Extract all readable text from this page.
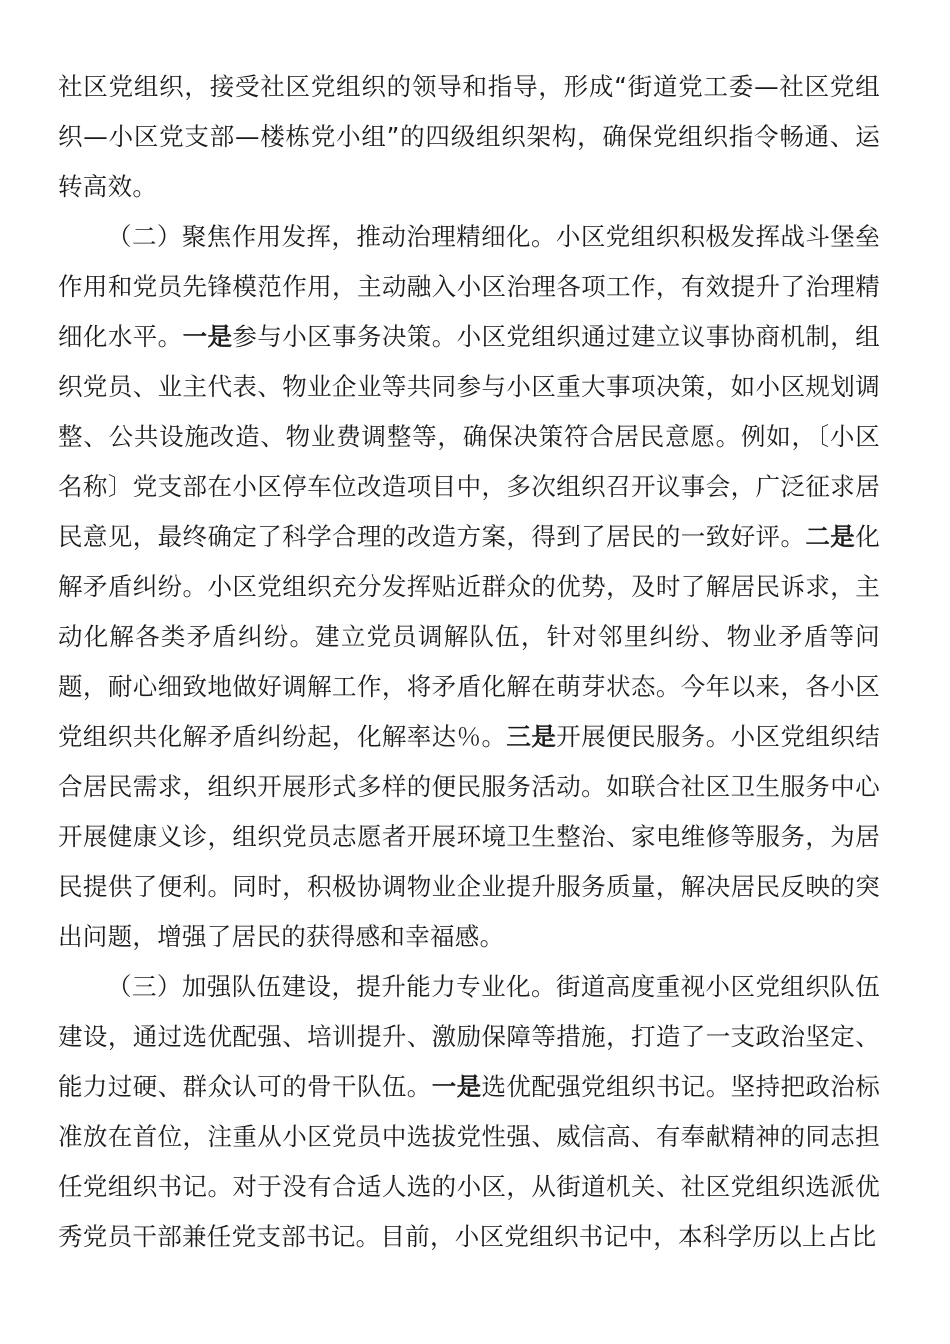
社区党组织，接受社区党组织的领导和指导，形成“街道党工委—社区党组织—小区党支部—楼栋党小组”的四级组织架构，确保党组织指令畅通、运转高效。

（二）聚焦作用发挥，推动治理精细化。小区党组织积极发挥战斗堡垒作用和党员先锋模范作用，主动融入小区治理各项工作，有效提升了治理精细化水平。一是参与小区事务决策。小区党组织通过建立议事协商机制，组织党员、业主代表、物业企业等共同参与小区重大事项决策，如小区规划调整、公共设施改造、物业费调整等，确保决策符合居民意愿。例如，〔小区名称〕党支部在小区停车位改造项目中，多次组织召开议事会，广泛征求居民意见，最终确定了科学合理的改造方案，得到了居民的一致好评。二是化解矛盾纠纷。小区党组织充分发挥贴近群众的优势，及时了解居民诉求，主动化解各类矛盾纠纷。建立党员调解队伍，针对邻里纠纷、物业矛盾等问题，耐心细致地做好调解工作，将矛盾化解在萌芽状态。今年以来，各小区党组织共化解矛盾纠纷起，化解率达％。三是开展便民服务。小区党组织结合居民需求，组织开展形式多样的便民服务活动。如联合社区卫生服务中心开展健康义诊，组织党员志愿者开展环境卫生整治、家电维修等服务，为居民提供了便利。同时，积极协调物业企业提升服务质量，解决居民反映的突出问题，增强了居民的获得感和幸福感。

（三）加强队伍建设，提升能力专业化。街道高度重视小区党组织队伍建设，通过选优配强、培训提升、激励保障等措施，打造了一支政治坚定、能力过硬、群众认可的骨干队伍。一是选优配强党组织书记。坚持把政治标准放在首位，注重从小区党员中选拔党性强、威信高、有奉献精神的同志担任党组织书记。对于没有合适人选的小区，从街道机关、社区党组织选派优秀党员干部兼任党支部书记。目前，小区党组织书记中，本科学历以上占比
